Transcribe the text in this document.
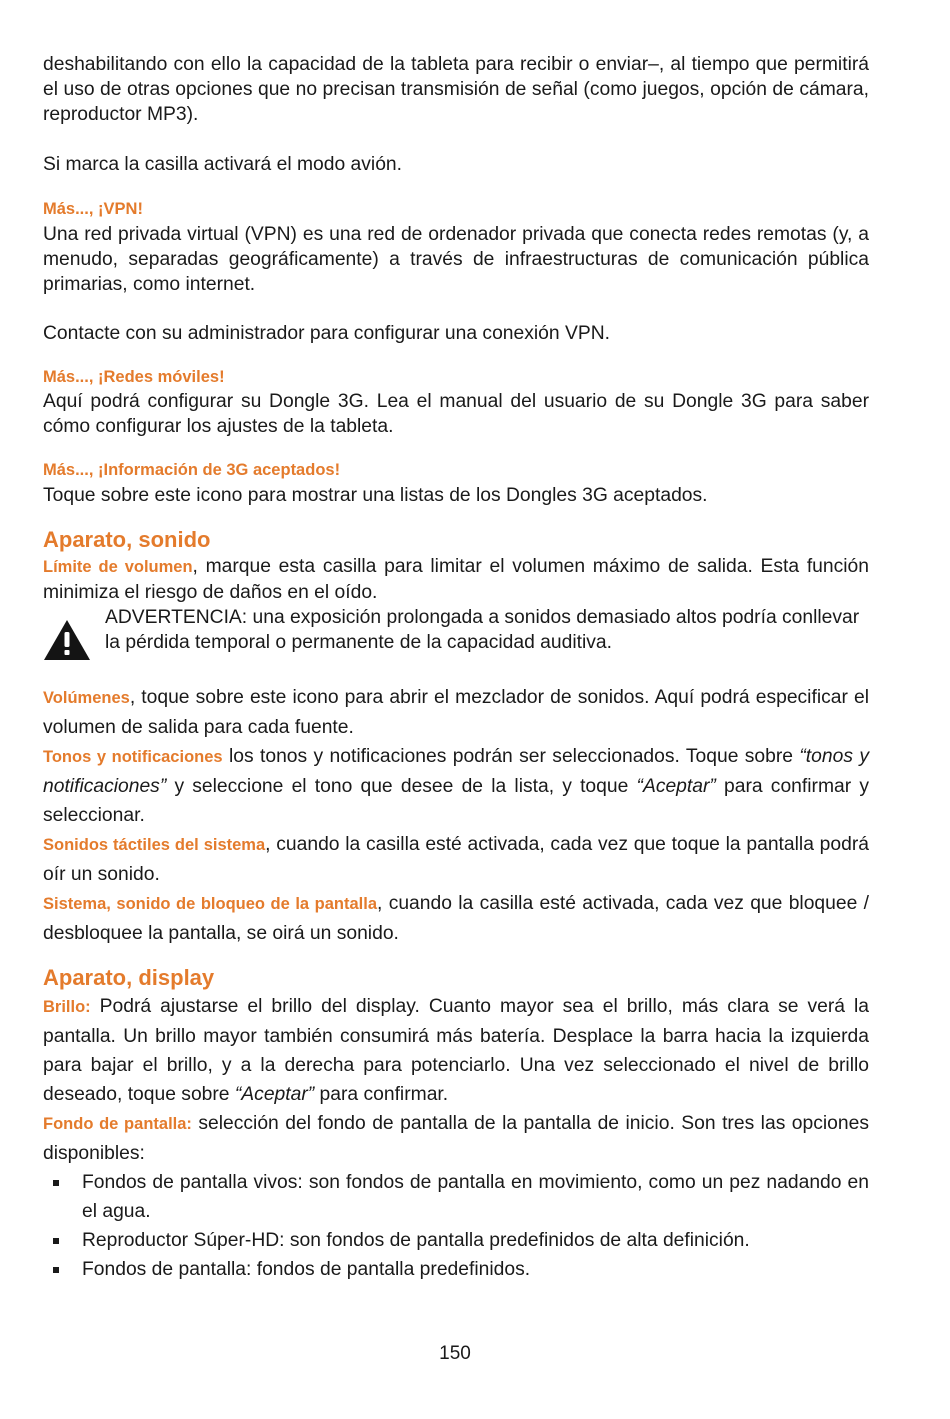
deshabilitando con ello la capacidad de la tableta para recibir o enviar–, al tiempo que permitirá el uso de otras opciones que no precisan transmisión de señal (como juegos, opción de cámara, reproductor MP3).

Si marca la casilla activará el modo avión.

Más..., ¡VPN!

Una red privada virtual (VPN) es una red de ordenador privada que conecta redes remotas (y, a menudo, separadas geográficamente) a través de infraestructuras de comunicación pública primarias, como internet.

Contacte con su administrador para configurar una conexión VPN.

Más..., ¡Redes móviles!

Aquí podrá configurar su Dongle 3G. Lea el manual del usuario de su Dongle 3G para saber cómo configurar los ajustes de la tableta.

Más..., ¡Información de 3G aceptados!

Toque sobre este icono para mostrar una listas de los Dongles 3G aceptados.

Aparato, sonido

Límite de volumen, marque esta casilla para limitar el volumen máximo de salida. Esta función minimiza el riesgo de daños en el oído.

ADVERTENCIA: una exposición prolongada a sonidos demasiado altos podría conllevar la pérdida temporal o permanente de la capacidad auditiva.

Volúmenes, toque sobre este icono para abrir el mezclador de sonidos. Aquí podrá especificar el volumen de salida para cada fuente.

Tonos y notificaciones los tonos y notificaciones podrán ser seleccionados. Toque sobre “tonos y notificaciones” y seleccione el tono que desee de la lista, y toque “Aceptar” para confirmar y seleccionar.

Sonidos táctiles del sistema, cuando la casilla esté activada, cada vez que toque la pantalla podrá oír un sonido.

Sistema, sonido de bloqueo de la pantalla, cuando la casilla esté activada, cada vez que bloquee / desbloquee la pantalla, se oirá un sonido.

Aparato, display

Brillo: Podrá ajustarse el brillo del display. Cuanto mayor sea el brillo, más clara se verá la pantalla. Un brillo mayor también consumirá más batería. Desplace la barra hacia la izquierda para bajar el brillo, y a la derecha para potenciarlo. Una vez seleccionado el nivel de brillo deseado, toque sobre “Aceptar” para confirmar.

Fondo de pantalla: selección del fondo de pantalla de la pantalla de inicio. Son tres las opciones disponibles:

Fondos de pantalla vivos: son fondos de pantalla en movimiento, como un pez nadando en el agua.
Reproductor Súper-HD: son fondos de pantalla predefinidos de alta definición.
Fondos de pantalla: fondos de pantalla predefinidos.
150
